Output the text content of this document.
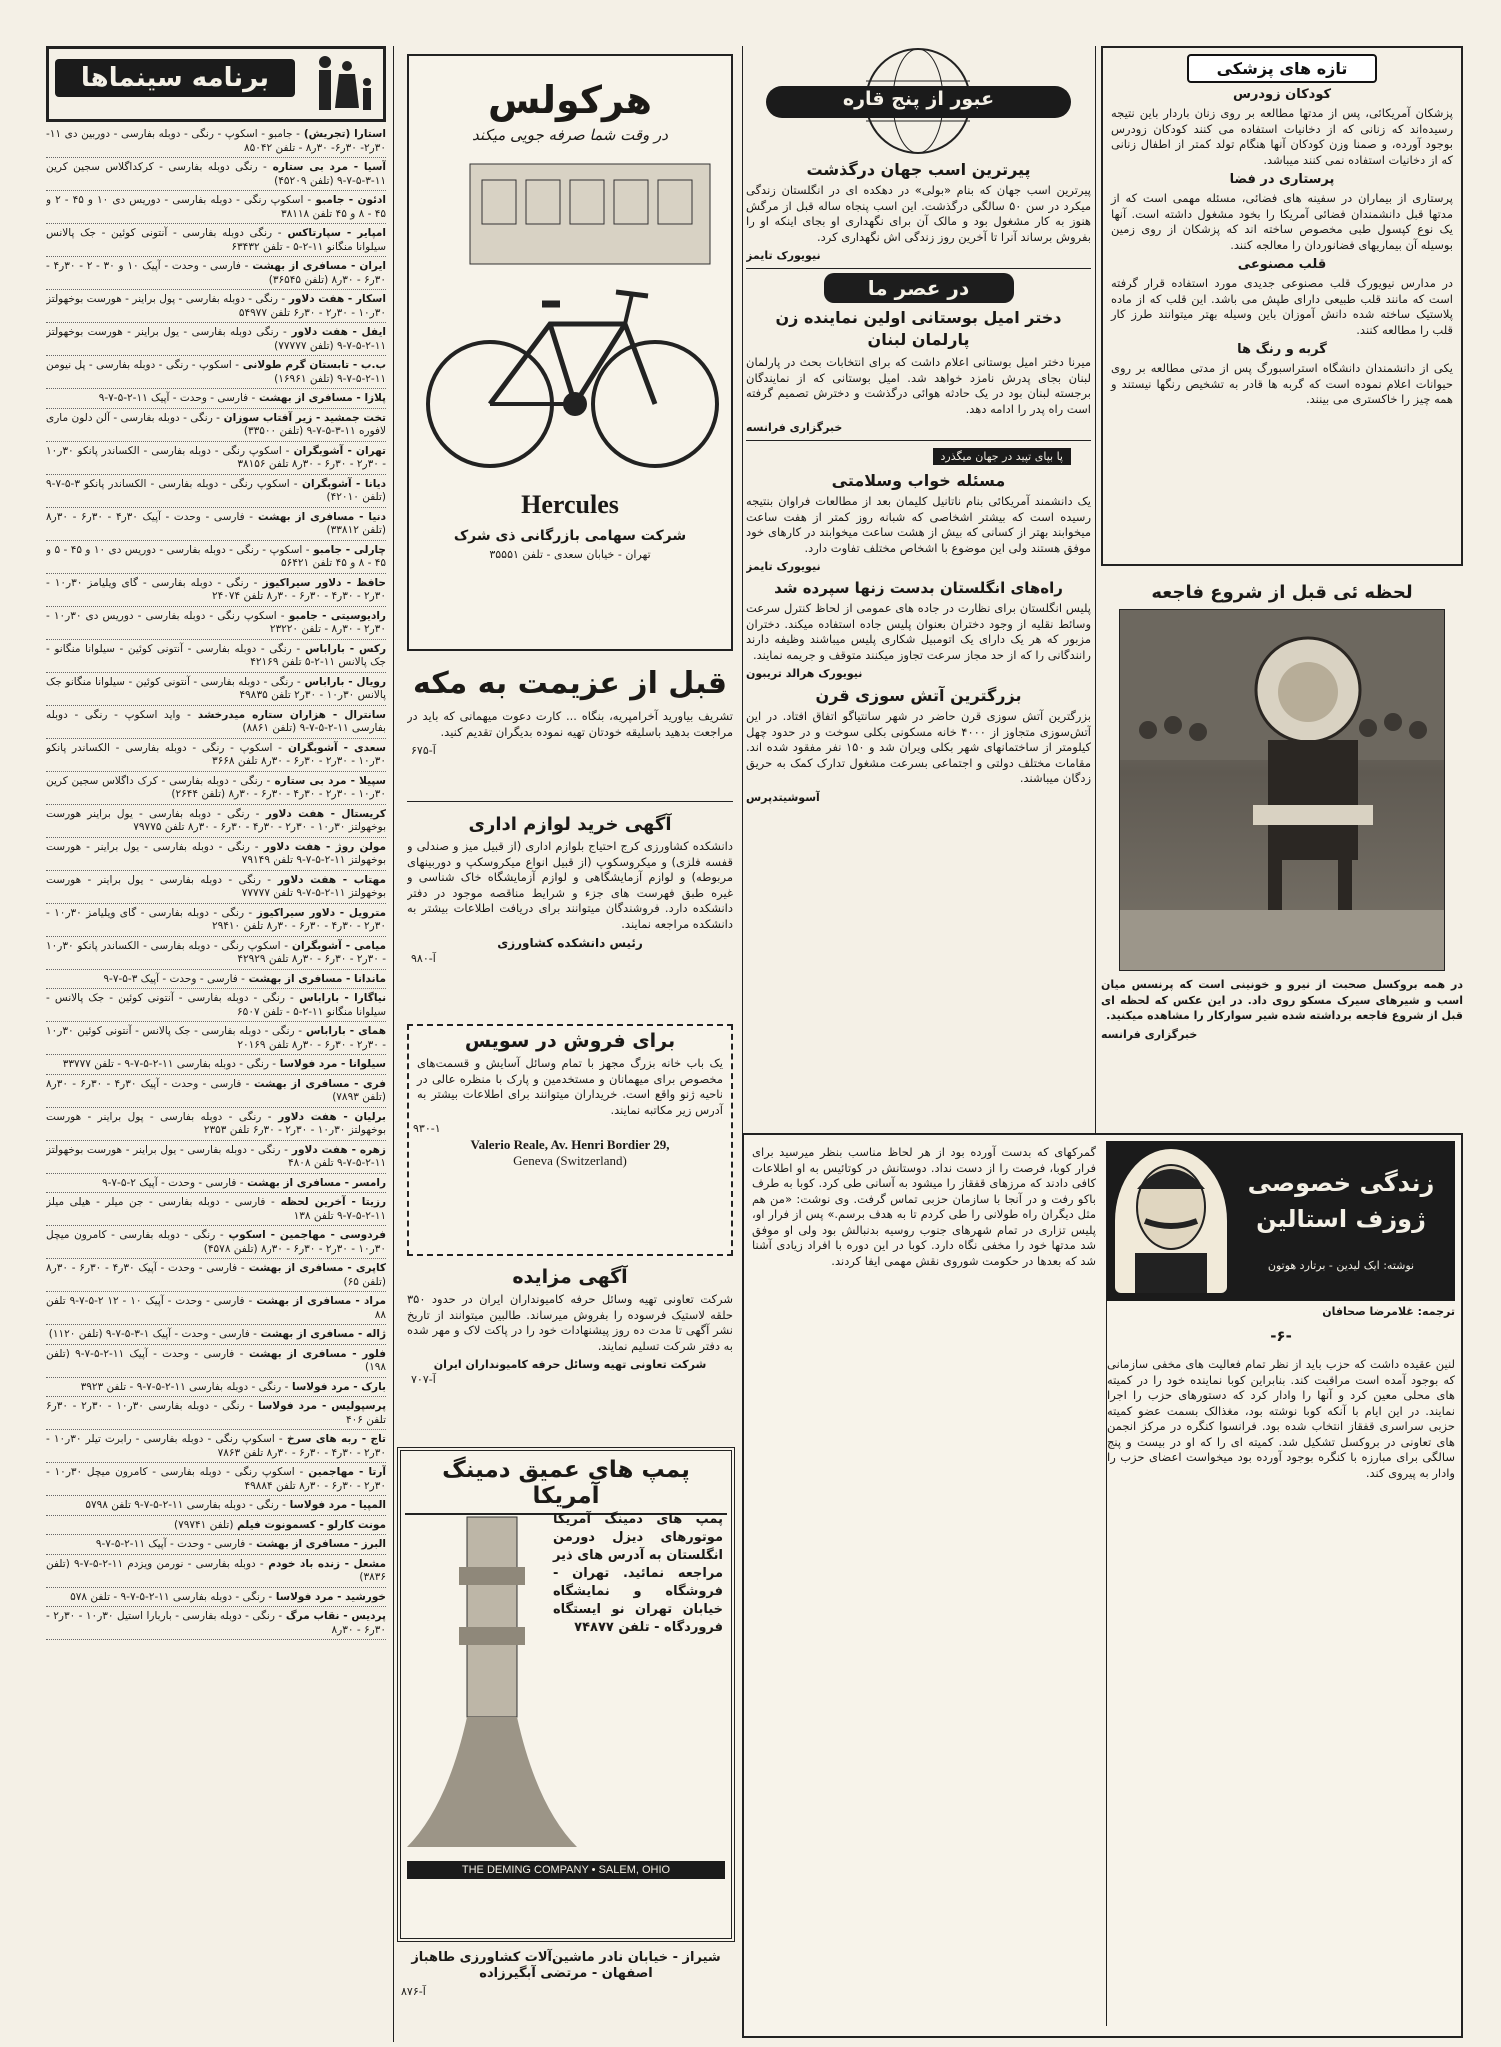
تازه های پزشکی
کودکان زودرس

پزشکان آمریکائی، پس از مدتها مطالعه بر روی زنان باردار باین نتیجه رسیده‌اند که زنانی که از دخانیات استفاده می کنند کودکان زودرس بوجود آورده، و صمنا وزن کودکان آنها هنگام تولد کمتر از اطفال زنانی که از دخانیات استفاده نمی کنند میباشد.

پرستاری در فضا

پرستاری از بیماران در سفینه های فضائی، مسئله مهمی است که از مدتها قبل دانشمندان فضائی آمریکا را بخود مشغول داشته است. آنها یک نوع کپسول طبی مخصوص ساخته اند که پزشکان از روی زمین بوسیله آن بیماریهای فضانوردان را معالجه کنند.

قلب مصنوعی

در مدارس نیویورک قلب مصنوعی جدیدی مورد استفاده قرار گرفته است که مانند قلب طبیعی دارای طپش می باشد. این قلب که از ماده پلاستیک ساخته شده دانش آموزان باین وسیله بهتر میتوانند طرز کار قلب را مطالعه کنند.

گربه و رنگ ها

یکی از دانشمندان دانشگاه استراسبورگ پس از مدتی مطالعه بر روی حیوانات اعلام نموده است که گربه ها قادر به تشخیص رنگها نیستند و همه چیز را خاکستری می بینند.

لحظه ئی قبل از شروع فاجعه

در همه بروکسل صحبت از نیرو و خونینی است که پرنسس میان اسب و شیرهای سیرک مسکو روی داد. در این عکس که لحظه ای قبل از شروع فاجعه برداشته شده شیر سوارکار را مشاهده میکنید.

خبرگزاری فرانسه
زندگی خصوصی ژوزف استالین
نوشته: ایک لیدین - برتارد هوتون
ترجمه: غلامرضا صحافان
-۶-

لنین عقیده داشت که حزب باید از نظر تمام فعالیت های مخفی سازمانی که بوجود آمده است مراقبت کند. بنابراین کوبا نماینده خود را در کمیته های محلی معین کرد و آنها را وادار کرد که دستورهای حزب را اجرا نمایند. در این ایام با آنکه کوبا نوشته بود، مغذالک بسمت عضو کمیته حزبی سراسری قفقاز انتخاب شده بود. فرانسوا کنگره در مرکز انجمن های تعاونی در بروکسل تشکیل شد. کمیته ای را که او در بیست و پنج سالگی برای مبارزه با کنگره بوجود آورده بود میخواست اعضای حزب را وادار به پیروی کند.

گمرکهای که بدست آورده بود از هر لحاظ مناسب بنظر میرسید برای فرار کوبا، فرصت را از دست نداد. دوستانش در کوتائیس به او اطلاعات کافی دادند که مرزهای قفقاز را میشود به آسانی طی کرد. کوبا به طرف باکو رفت و در آنجا با سازمان حزبی تماس گرفت. وی نوشت: «من هم مثل دیگران راه طولانی را طی کردم تا به هدف برسم.» پس از فرار او، پلیس تزاری در تمام شهرهای جنوب روسیه بدنبالش بود ولی او موفق شد مدتها خود را مخفی نگاه دارد. کوبا در این دوره با افراد زیادی آشنا شد که بعدها در حکومت شوروی نقش مهمی ایفا کردند.

عبور از پنج قاره
پیرترین اسب جهان درگذشت

پیرترین اسب جهان که بنام «بولی» در دهکده ای در انگلستان زندگی میکرد در سن ۵۰ سالگی درگذشت. این اسب پنجاه ساله قبل از مرگش هنوز به کار مشغول بود و مالک آن برای نگهداری او بجای اینکه او را بفروش برساند آنرا تا آخرین روز زندگی اش نگهداری کرد.

نیویورک تایمز
در عصر ما
دختر امیل بوستانی اولین نماینده زن پارلمان لبنان

میرنا دختر امیل بوستانی اعلام داشت که برای انتخابات بحث در پارلمان لبنان بجای پدرش نامزد خواهد شد. امیل بوستانی که از نمایندگان برجسته لبنان بود در یک حادثه هوائی درگذشت و دخترش تصمیم گرفته است راه پدر را ادامه دهد.

خبرگزاری فرانسه
پا بپای تپید در جهان میگذرد
مسئله خواب وسلامتی

یک دانشمند آمریکائی بنام ناتانیل کلیمان بعد از مطالعات فراوان بنتیجه رسیده است که بیشتر اشخاصی که شبانه روز کمتر از هفت ساعت میخوابند بهتر از کسانی که بیش از هشت ساعت میخوابند در کارهای خود موفق هستند ولی این موضوع با اشخاص مختلف تفاوت دارد.

نیویورک تایمز
راه‌های انگلستان بدست زنها سپرده شد

پلیس انگلستان برای نظارت در جاده های عمومی از لحاظ کنترل سرعت وسائط نقلیه از وجود دختران بعنوان پلیس جاده استفاده میکند. دختران مزبور که هر یک دارای یک اتومبیل شکاری پلیس میباشند وظیفه دارند رانندگانی را که از حد مجاز سرعت تجاوز میکنند متوقف و جریمه نمایند.

نیویورک هرالد تریبون
بزرگترین آتش سوزی قرن

بزرگترین آتش سوزی قرن حاضر در شهر سانتیاگو اتفاق افتاد. در این آتش‌سوزی متجاوز از ۴۰۰۰ خانه مسکونی بکلی سوخت و در حدود چهل کیلومتر از ساختمانهای شهر بکلی ویران شد و ۱۵۰ نفر مفقود شده اند. مقامات مختلف دولتی و اجتماعی بسرعت مشغول تدارک کمک به حریق زدگان میباشند.

آسوشیتدپرس
هرکولس
در وقت شما صرفه جویی میکند
Hercules
شرکت سهامی بازرگانی ذی شرک
تهران - خیابان سعدی - تلفن ۳۵۵۵۱
قبل از عزیمت به مکه

تشریف بیاورید آخرامپریه، بنگاه ... کارت دعوت میهمانی که باید در مراجعت بدهید باسلیقه خودتان تهیه نموده بدیگران تقدیم کنید.

آ-۶۷۵
آگهی خرید لوازم اداری

دانشکده کشاورزی کرج احتیاج بلوازم اداری (از قبیل میز و صندلی و قفسه فلزی) و میکروسکوپ (از قبیل انواع میکروسکپ و دوربینهای مربوطه) و لوازم آزمایشگاهی و لوازم آزمایشگاه خاک شناسی و غیره طبق فهرست های جزء و شرایط مناقصه موجود در دفتر دانشکده دارد. فروشندگان میتوانند برای دریافت اطلاعات بیشتر به دانشکده مراجعه نمایند.

رئیس دانشکده کشاورزی
آ-۹۸۰
برای فروش در سویس

یک باب خانه بزرگ مجهز با تمام وسائل آسایش و قسمت‌های مخصوص برای میهمانان و مستخدمین و پارک با منظره عالی در ناحیه ژنو واقع است. خریداران میتوانند برای اطلاعات بیشتر به آدرس زیر مکاتبه نمایند.

۹۳۰-۱
Valerio Reale, Av. Henri Bordier 29,
Geneva (Switzerland)
آگهی مزایده

شرکت تعاونی تهیه وسائل حرفه کامیونداران ایران در حدود ۳۵۰ حلقه لاستیک فرسوده را بفروش میرساند. طالبین میتوانند از تاریخ نشر آگهی تا مدت ده روز پیشنهادات خود را در پاکت لاک و مهر شده به دفتر شرکت تسلیم نمایند.

شرکت تعاونی تهیه وسائل حرفه کامیونداران ایران
آ-۷۰۷
پمپ های عمیق دمینگ آمریکا

پمپ های دمینگ آمریکا موتورهای دیزل دورمن انگلستان به آدرس های ذیر مراجعه نمائید. تهران - فروشگاه و نمایشگاه خیابان تهران نو ایستگاه فروردگاه - تلفن ۷۴۸۷۷

THE DEMING COMPANY • SALEM, OHIO

شیراز - خیابان نادر ماشین‌آلات کشاورزی طاهباز اصفهان - مرتضی آبگیرزاده

آ-۸۷۶
برنامه سینماها

استارا (تجریش) - جامبو - اسکوپ - رنگی - دوبله بفارسی - دوربین دی ۱۱- ۳۰ر۲- ۳۰ر۶- ۳۰ر۸ - تلفن ۸۵۰۴۲

آسیا - مرد بی ستاره - رنگی دوبله بفارسی - کرکداگلاس سجین کرین ۱۱-۳-۵-۷-۹ (تلفن ۴۵۲۰۹)

ادئون - جامبو - اسکوپ رنگی - دوبله بفارسی - دوریس دی ۱۰ و ۴۵ - ۲ و ۴۵ - ۸ و ۴۵ تلفن ۳۸۱۱۸

امپایر - سپارتاکس - رنگی دوبله بفارسی - آنتونی کوئین - جک پالانس سیلوانا منگانو ۱۱-۲-۵ - تلفن ۶۳۴۳۲

ایران - مسافری از بهشت - فارسی - وحدت - آپیک ۱۰ و ۳۰ - ۲ - ۳۰ر۴ - ۳۰ر۶ - ۳۰ر۸ (تلفن ۳۶۵۴۵)

اسکار - هفت دلاور - رنگی - دوبله بفارسی - پول براینر - هورست بوخهولتز ۳۰ر۱۰ - ۳۰ر۲ - ۳۰ر۶ تلفن ۵۴۹۷۷

ایفل - هفت دلاور - رنگی دوبله بفارسی - یول براینر - هورست بوخهولتز ۱۱-۲-۵-۷-۹ (تلفن ۷۷۷۷۷)

ب.ب - تابستان گرم طولانی - اسکوپ - رنگی - دوبله بفارسی - پل نیومن ۱۱-۲-۵-۷-۹ (تلفن ۱۶۹۶۱)

پلازا - مسافری از بهشت - فارسی - وحدت - آپیک ۱۱-۲-۵-۷-۹

تخت جمشید - زیر آفتاب سوزان - رنگی - دوبله بفارسی - آلن دلون ماری لافوره ۱۱-۳-۵-۷-۹ (تلفن ۳۳۵۰۰)

تهران - آشوبگران - اسکوپ رنگی - دوبله بفارسی - الکساندر پانکو ۳۰ر۱۰ - ۳۰ر۲ - ۳۰ر۶ - ۳۰ر۸ تلفن ۳۸۱۵۶

دیانا - آشوبگران - اسکوپ رنگی - دوبله بفارسی - الکساندر پانکو ۳-۵-۷-۹ (تلفن ۴۲۰۱۰)

دنیا - مسافری از بهشت - فارسی - وحدت - آپیک ۳۰ر۴ - ۳۰ر۶ - ۳۰ر۸ (تلفن ۳۳۸۱۲)

چارلی - جامبو - اسکوپ - رنگی - دوبله بفارسی - دوریس دی ۱۰ و ۴۵ - ۵ و ۴۵ - ۸ و ۴۵ تلفن ۵۶۴۲۱

حافظ - دلاور سیراکیوز - رنگی - دوبله بفارسی - گای ویلیامز ۳۰ر۱۰ - ۳۰ر۲ - ۳۰ر۴ - ۳۰ر۶ - ۳۰ر۸ تلفن ۲۴۰۷۴

رادیوسیتی - جامبو - اسکوپ رنگی - دوبله بفارسی - دوریس دی ۳۰ر۱۰ - ۳۰ر۲ - ۳۰ر۸ - تلفن ۲۳۲۲۰

رکس - باراباس - رنگی - دوبله بفارسی - آنتونی کوئین - سیلوانا منگانو - جک پالانس ۱۱-۲-۵ تلفن ۴۲۱۶۹

رویال - باراباس - رنگی - دوبله بفارسی - آنتونی کوئین - سیلوانا منگانو جک پالانس ۳۰ر۱۰ - ۳۰ر۲ تلفن ۴۹۸۳۵

سانترال - هزاران ستاره میدرخشد - واید اسکوپ - رنگی - دوبله بفارسی ۱۱-۲-۵-۷-۹ (تلفن ۸۸۶۱)

سعدی - آشوبگران - اسکوپ - رنگی - دوبله بفارسی - الکساندر پانکو ۳۰ر۱۰ - ۳۰ر۲ - ۳۰ر۶ - ۳۰ر۸ تلفن ۳۶۶۸

سپیلا - مرد بی ستاره - رنگی - دوبله بفارسی - کرک داگلاس سجین کرین ۳۰ر۱۰ - ۳۰ر۲ - ۳۰ر۴ - ۳۰ر۶ - ۳۰ر۸ (تلفن ۲۶۴۴)

کریستال - هفت دلاور - رنگی - دوبله بفارسی - یول براینر هورست بوخهولتز ۳۰ر۱۰ - ۳۰ر۲ - ۳۰ر۴ - ۳۰ر۶ - ۳۰ر۸ تلفن ۷۹۷۷۵

مولن روژ - هفت دلاور - رنگی - دوبله بفارسی - یول براینر - هورست بوخهولتز ۱۱-۲-۵-۷-۹ تلفن ۷۹۱۴۹

مهتاب - هفت دلاور - رنگی - دوبله بفارسی - یول براینر - هورست بوخهولتز ۱۱-۲-۵-۷-۹ تلفن ۷۷۷۷۷

مترویل - دلاور سیراکیوز - رنگی - دوبله بفارسی - گای ویلیامز ۳۰ر۱۰ - ۳۰ر۲ - ۳۰ر۴ - ۳۰ر۶ - ۳۰ر۸ تلفن ۲۹۴۱۰

میامی - آشوبگران - اسکوپ رنگی - دوبله بفارسی - الکساندر پانکو ۳۰ر۱۰ - ۳۰ر۲ - ۳۰ر۶ - ۳۰ر۸ تلفن ۴۲۹۲۹

ماندانا - مسافری از بهشت - فارسی - وحدت - آپیک ۳-۵-۷-۹

نیاگارا - باراباس - رنگی - دوبله بفارسی - آنتونی کوئین - جک پالانس - سیلوانا منگانو ۱۱-۲-۵ - تلفن ۶۵۰۷

همای - باراباس - رنگی - دوبله بفارسی - جک پالانس - آنتونی کوئین ۳۰ر۱۰ - ۳۰ر۲ - ۳۰ر۶ - ۳۰ر۸ تلفن ۲۰۱۶۹

سیلوانا - مرد فولاسا - رنگی - دوبله بفارسی ۱۱-۲-۵-۷-۹ - تلفن ۳۳۷۷۷

فری - مسافری از بهشت - فارسی - وحدت - آپیک ۳۰ر۴ - ۳۰ر۶ - ۳۰ر۸ (تلفن ۷۸۹۳)

برلیان - هفت دلاور - رنگی - دوبله بفارسی - پول براینر - هورست بوخهولتز ۳۰ر۱۰ - ۳۰ر۲ - ۳۰ر۶ تلفن ۲۳۵۳

زهره - هفت دلاور - رنگی - دوبله بفارسی - یول براینر - هورست بوخهولتز ۱۱-۲-۵-۷-۹ تلفن ۴۸۰۸

رامسر - مسافری از بهشت - فارسی - وحدت - آپیک ۲-۵-۷-۹

رزیتا - آخرین لحظه - فارسی - دوبله بفارسی - جن میلر - هیلی میلز ۱۱-۲-۵-۷-۹ تلفن ۱۳۸

فردوسی - مهاجمین - اسکوپ - رنگی - دوبله بفارسی - کامرون میچل ۳۰ر۱۰ - ۳۰ر۲ - ۳۰ر۶ - ۳۰ر۸ (تلفن ۴۵۷۸)

کاپری - مسافری از بهشت - فارسی - وحدت - آپیک ۳۰ر۴ - ۳۰ر۶ - ۳۰ر۸ (تلفن ۶۵)

مراد - مسافری از بهشت - فارسی - وحدت - آپیک ۱۰ - ۱۲ ۲-۵-۷-۹ تلفن ۸۸

ژاله - مسافری از بهشت - فارسی - وحدت - آپیک ۱-۳-۵-۷-۹ (تلفن ۱۱۲۰)

فلور - مسافری از بهشت - فارسی - وحدت - آپیک ۱۱-۲-۵-۷-۹ (تلفن ۱۹۸)

بارک - مرد فولاسا - رنگی - دوبله بفارسی ۱۱-۲-۵-۷-۹ - تلفن ۳۹۲۳

پرسپولیس - مرد فولاسا - رنگی - دوبله بفارسی ۳۰ر۱۰ - ۳۰ر۲ - ۳۰ر۶ تلفن ۴۰۶

تاج - ربه های سرخ - اسکوپ رنگی - دوبله بفارسی - رابرت تیلر ۳۰ر۱۰ - ۳۰ر۲ - ۳۰ر۴ - ۳۰ر۶ - ۳۰ر۸ تلفن ۷۸۶۳

آرتا - مهاجمین - اسکوپ رنگی - دوبله بفارسی - کامرون میچل ۳۰ر۱۰ - ۳۰ر۲ - ۳۰ر۶ - ۳۰ر۸ تلفن ۴۹۸۸۴

المپیا - مرد فولاسا - رنگی - دوبله بفارسی ۱۱-۲-۵-۷-۹ تلفن ۵۷۹۸

مونت کارلو - کسمونوت فیلم (تلفن ۷۹۷۴۱)

البرز - مسافری از بهشت - فارسی - وحدت - آپیک ۱۱-۲-۵-۷-۹

مشعل - زنده باد خودم - دوبله بفارسی - نورمن ویزدم ۱۱-۲-۵-۷-۹ (تلفن ۳۸۳۶)

خورشید - مرد فولاسا - رنگی - دوبله بفارسی ۱۱-۲-۵-۷-۹ - تلفن ۵۷۸

پردیس - نقاب مرگ - رنگی - دوبله بفارسی - باربارا استیل ۳۰ر۱۰ - ۳۰ر۲ - ۳۰ر۶ - ۳۰ر۸
